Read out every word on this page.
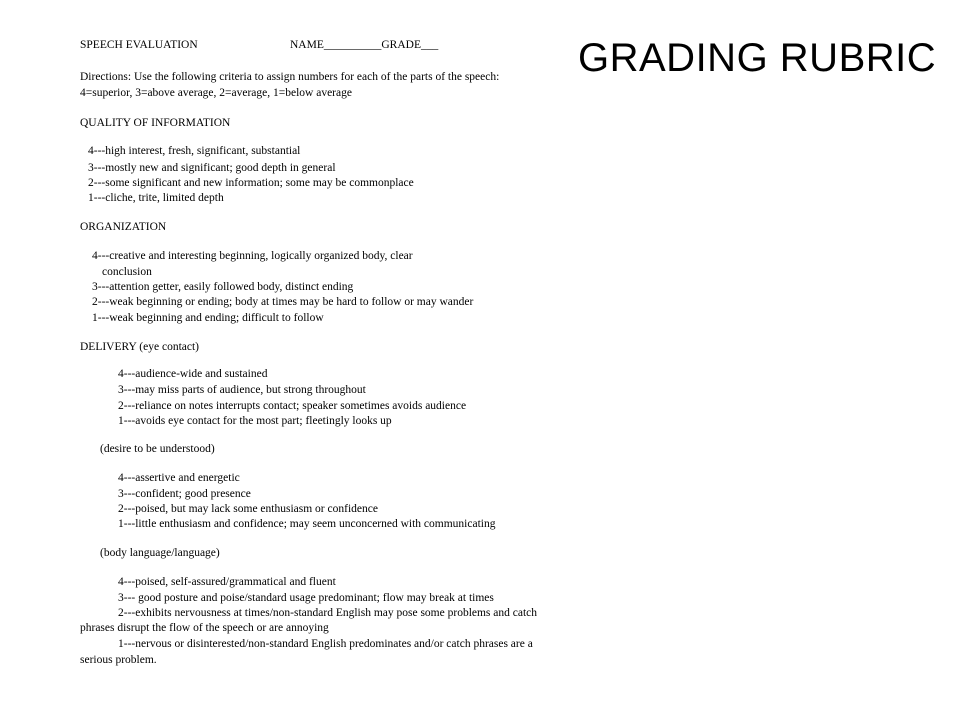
GRADING RUBRIC
SPEECH EVALUATION	NAME__________GRADE___
Directions: Use the following criteria to assign numbers for each of the parts of the speech:
4=superior, 3=above average, 2=average, 1=below average
QUALITY OF INFORMATION
4---high interest, fresh, significant, substantial
3---mostly new and significant; good depth in general
2---some significant and new information; some may be commonplace
1---cliche, trite, limited depth
ORGANIZATION
4---creative and interesting beginning, logically organized body, clear
conclusion
3---attention getter, easily followed body, distinct ending
2---weak beginning or ending; body at times may be hard to follow or may wander
1---weak beginning and ending; difficult to follow
DELIVERY (eye contact)
4---audience-wide and sustained
3---may miss parts of audience, but strong throughout
2---reliance on notes interrupts contact; speaker sometimes avoids audience
1---avoids eye contact for the most part; fleetingly looks up
(desire to be understood)
4---assertive and energetic
3---confident; good presence
2---poised, but may lack some enthusiasm or confidence
1---little enthusiasm and confidence; may seem unconcerned with communicating
(body language/language)
4---poised, self-assured/grammatical and fluent
3--- good posture and poise/standard usage predominant; flow may break at times
2---exhibits nervousness at times/non-standard English may pose some problems and catch
phrases disrupt the flow of the speech or are annoying
1---nervous or disinterested/non-standard English predominates and/or catch phrases are a
serious problem.
